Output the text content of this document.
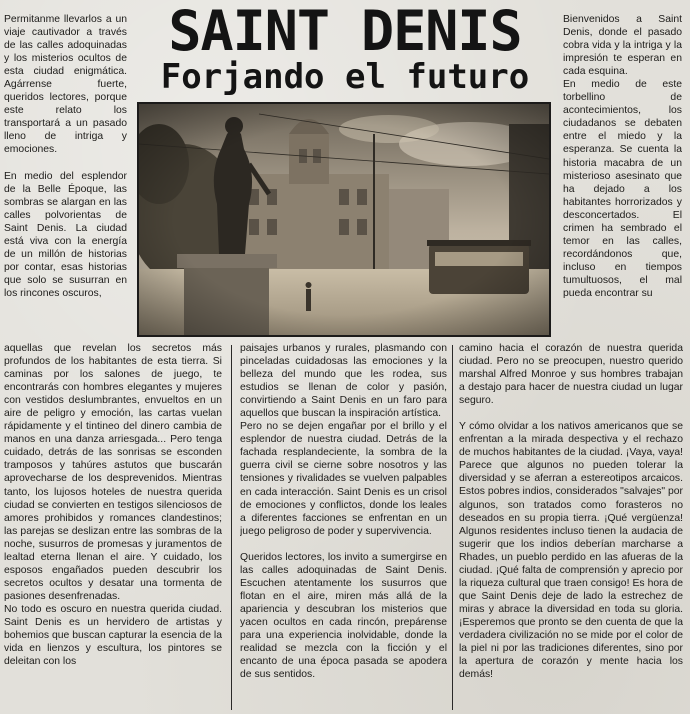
SAINT DENIS
Forjando el futuro

Permitanme llevarlos a un viaje cautivador a través de las calles adoquinadas y los misterios ocultos de esta ciudad enigmática. Agárrense fuerte, queridos lectores, porque este relato los transportará a un pasado lleno de intriga y emociones.

En medio del esplendor de la Belle Époque, las sombras se alargan en las calles polvorientas de Saint Denis. La ciudad está viva con la energía de un millón de historias por contar, esas historias que solo se susurran en los rincones oscuros,

Bienvenidos a Saint Denis, donde el pasado cobra vida y la intriga y la impresión te esperan en cada esquina.

En medio de este torbellino de acontecimientos, los ciudadanos se debaten entre el miedo y la esperanza. Se cuenta la historia macabra de un misterioso asesinato que ha dejado a los habitantes horrorizados y desconcertados. El crimen ha sembrado el temor en las calles, recordándonos que, incluso en tiempos tumultuosos, el mal pueda encontrar su

aquellas que revelan los secretos más profundos de los habitantes de esta tierra. Si caminas por los salones de juego, te encontrarás con hombres elegantes y mujeres con vestidos deslumbrantes, envueltos en un aire de peligro y emoción, las cartas vuelan rápidamente y el tintineo del dinero cambia de manos en una danza arriesgada... Pero tenga cuidado, detrás de las sonrisas se esconden tramposos y tahúres astutos que buscarán aprovecharse de los desprevenidos. Mientras tanto, los lujosos hoteles de nuestra querida ciudad se convierten en testigos silenciosos de amores prohibidos y romances clandestinos; las parejas se deslizan entre las sombras de la noche, susurros de promesas y juramentos de lealtad eterna llenan el aire. Y cuidado, los esposos engañados pueden descubrir los secretos ocultos y desatar una tormenta de pasiones desenfrenadas.

No todo es oscuro en nuestra querida ciudad. Saint Denis es un hervidero de artistas y bohemios que buscan capturar la esencia de la vida en lienzos y escultura, los pintores se deleitan con los

paisajes urbanos y rurales, plasmando con pinceladas cuidadosas las emociones y la belleza del mundo que les rodea, sus estudios se llenan de color y pasión, convirtiendo a Saint Denis en un faro para aquellos que buscan la inspiración artística.

Pero no se dejen engañar por el brillo y el esplendor de nuestra ciudad. Detrás de la fachada resplandeciente, la sombra de la guerra civil se cierne sobre nosotros y las tensiones y rivalidades se vuelven palpables en cada interacción. Saint Denis es un crisol de emociones y conflictos, donde los leales a diferentes facciones se enfrentan en un juego peligroso de poder y supervivencia.

Queridos lectores, los invito a sumergirse en las calles adoquinadas de Saint Denis. Escuchen atentamente los susurros que flotan en el aire, miren más allá de la apariencia y descubran los misterios que yacen ocultos en cada rincón, prepárense para una experiencia inolvidable, donde la realidad se mezcla con la ficción y el encanto de una época pasada se apodera de sus sentidos.

camino hacia el corazón de nuestra querida ciudad. Pero no se preocupen, nuestro querido marshal Alfred Monroe y sus hombres trabajan a destajo para hacer de nuestra ciudad un lugar seguro.

Y cómo olvidar a los nativos americanos que se enfrentan a la mirada despectiva y el rechazo de muchos habitantes de la ciudad. ¡Vaya, vaya! Parece que algunos no pueden tolerar la diversidad y se aferran a estereotipos arcaicos. Estos pobres indios, considerados "salvajes" por algunos, son tratados como forasteros no deseados en su propia tierra. ¡Qué vergüenza! Algunos residentes incluso tienen la audacia de sugerir que los indios deberían marcharse a Rhades, un pueblo perdido en las afueras de la ciudad. ¡Qué falta de comprensión y aprecio por la riqueza cultural que traen consigo! Es hora de que Saint Denis deje de lado la estrechez de miras y abrace la diversidad en toda su gloria. ¡Esperemos que pronto se den cuenta de que la verdadera civilización no se mide por el color de la piel ni por las tradiciones diferentes, sino por la apertura de corazón y mente hacia los demás!
